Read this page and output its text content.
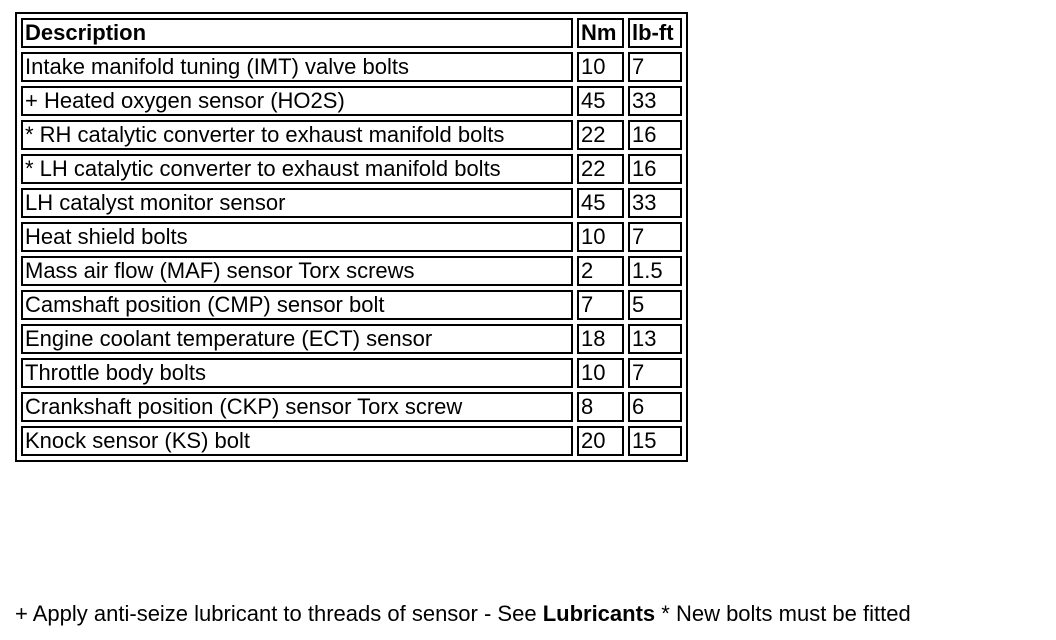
Description	Nm	lb-ft
Intake manifold tuning (IMT) valve bolts	10	7
+ Heated oxygen sensor (HO2S)	45	33
* RH catalytic converter to exhaust manifold bolts	22	16
* LH catalytic converter to exhaust manifold bolts	22	16
LH catalyst monitor sensor	45	33
Heat shield bolts	10	7
Mass air flow (MAF) sensor Torx screws	2	1.5
Camshaft position (CMP) sensor bolt	7	5
Engine coolant temperature (ECT) sensor	18	13
Throttle body bolts	10	7
Crankshaft position (CKP) sensor Torx screw	8	6
Knock sensor (KS) bolt	20	15
+ Apply anti-seize lubricant to threads of sensor - See Lubricants * New bolts must be fitted
